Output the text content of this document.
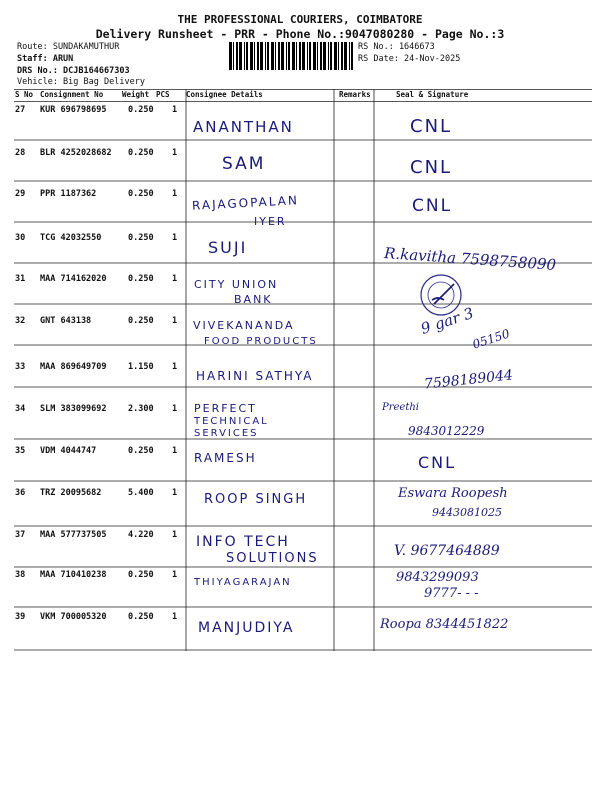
THE PROFESSIONAL COURIERS, COIMBATORE
Delivery Runsheet - PRR - Phone No.:9047080280 - Page No.:3
Route: SUNDAKAMUTHUR
Staff: ARUN
DRS No.: DCJB164667303
Vehicle: Big Bag Delivery
RS No.: 1646673
RS Date: 24-Nov-2025
S No Consignment No	Weight PCS Consignee Details	Remarks	Seal & Signature
27 KUR 696798695	0.250 1
ANANTHAN	CNL
28 BLR 4252028682 0.250 1
SAM	CNL
29 PPR 1187362	0.250 1 RAJAGOPALAN
IYER
CNL
30 TCG 42032550	0.250 1 SUJI	R.kavitha 7598758090
31 MAA 714162020	0.250 1 CITY UNION
BANK
32 GNT 643138	0.250 1 VIVEKANANDA
FOOD PRODUCTS
9 gar 3
05150
33 MAA 869649709	1.150 1
HARINI SATHYA	7598189044
34 SLM 383099692	2.300 1 PERFECT
TECHNICAL SERVICES
Preethi
9843012229
35 VDM 4044747	0.250 1 RAMESH	CNL
36 TRZ 20095682	5.400 1 ROOP SINGH	Eswara Roopesh
9443081025
37 MAA 577737505	4.220 1 INFO TECH
SOLUTIONS	V. 9677464889
38 MAA 710410238	0.250 1
THIYAGARAJAN	9843299093
9777- - -
39 VKM 700005320	0.250 1
MANJUDIYA	Roopa 8344451822
